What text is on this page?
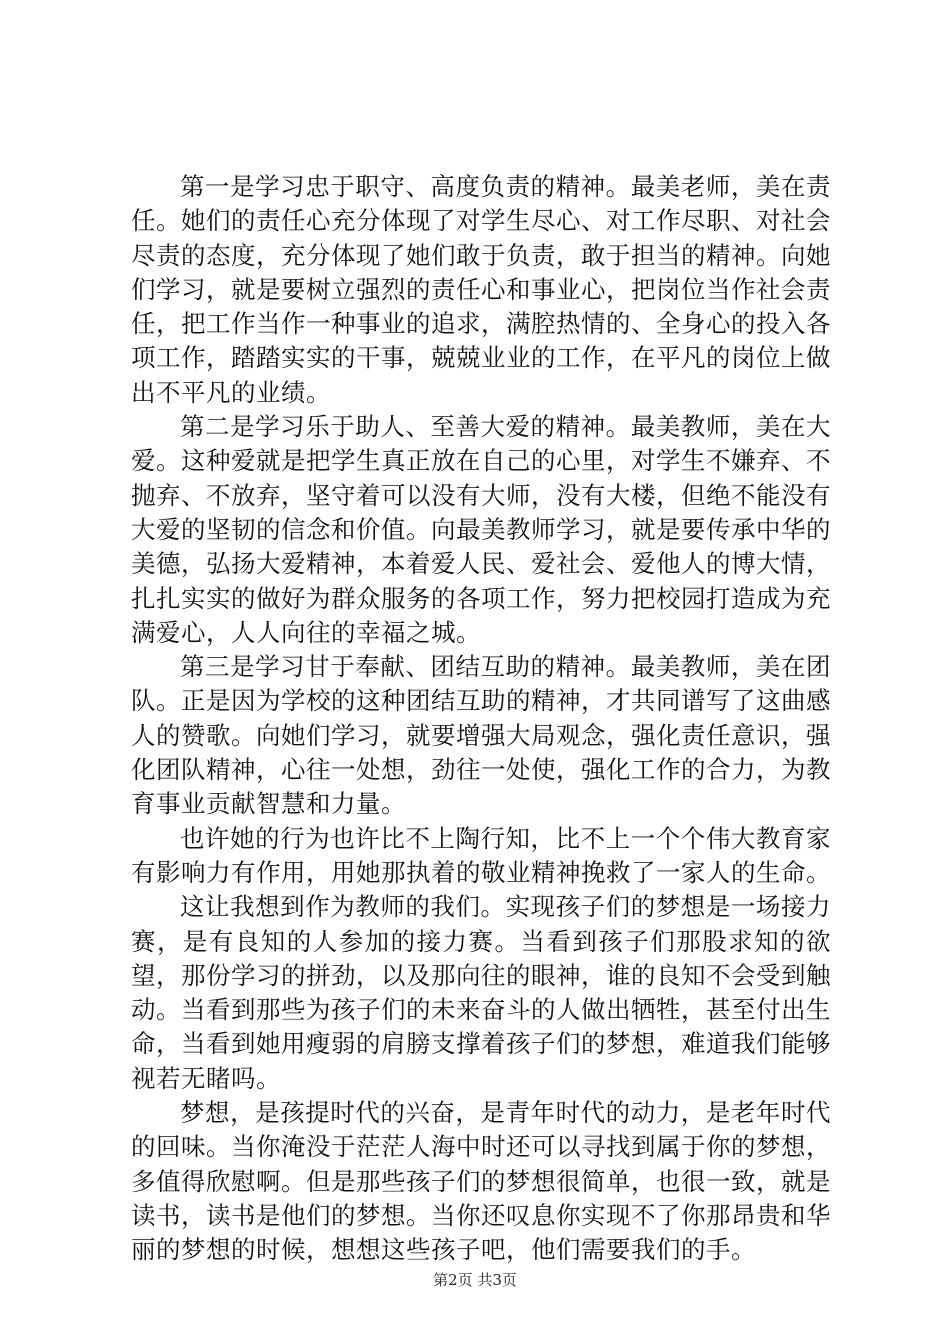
第一是学习忠于职守、高度负责的精神。最美老师，美在责任。她们的责任心充分体现了对学生尽心、对工作尽职、对社会尽责的态度，充分体现了她们敢于负责，敢于担当的精神。向她们学习，就是要树立强烈的责任心和事业心，把岗位当作社会责任，把工作当作一种事业的追求，满腔热情的、全身心的投入各项工作，踏踏实实的干事，兢兢业业的工作，在平凡的岗位上做出不平凡的业绩。

第二是学习乐于助人、至善大爱的精神。最美教师，美在大爱。这种爱就是把学生真正放在自己的心里，对学生不嫌弃、不抛弃、不放弃，坚守着可以没有大师，没有大楼，但绝不能没有大爱的坚韧的信念和价值。向最美教师学习，就是要传承中华的美德，弘扬大爱精神，本着爱人民、爱社会、爱他人的博大情，扎扎实实的做好为群众服务的各项工作，努力把校园打造成为充满爱心，人人向往的幸福之城。

第三是学习甘于奉献、团结互助的精神。最美教师，美在团队。正是因为学校的这种团结互助的精神，才共同谱写了这曲感人的赞歌。向她们学习，就要增强大局观念，强化责任意识，强化团队精神，心往一处想，劲往一处使，强化工作的合力，为教育事业贡献智慧和力量。

也许她的行为也许比不上陶行知，比不上一个个伟大教育家有影响力有作用，用她那执着的敬业精神挽救了一家人的生命。

这让我想到作为教师的我们。实现孩子们的梦想是一场接力赛，是有良知的人参加的接力赛。当看到孩子们那股求知的欲望，那份学习的拼劲，以及那向往的眼神，谁的良知不会受到触动。当看到那些为孩子们的未来奋斗的人做出牺牲，甚至付出生命，当看到她用瘦弱的肩膀支撑着孩子们的梦想，难道我们能够视若无睹吗。

梦想，是孩提时代的兴奋，是青年时代的动力，是老年时代的回味。当你淹没于茫茫人海中时还可以寻找到属于你的梦想，多值得欣慰啊。但是那些孩子们的梦想很简单，也很一致，就是读书，读书是他们的梦想。当你还叹息你实现不了你那昂贵和华丽的梦想的时候，想想这些孩子吧，他们需要我们的手。

第2页 共3页
